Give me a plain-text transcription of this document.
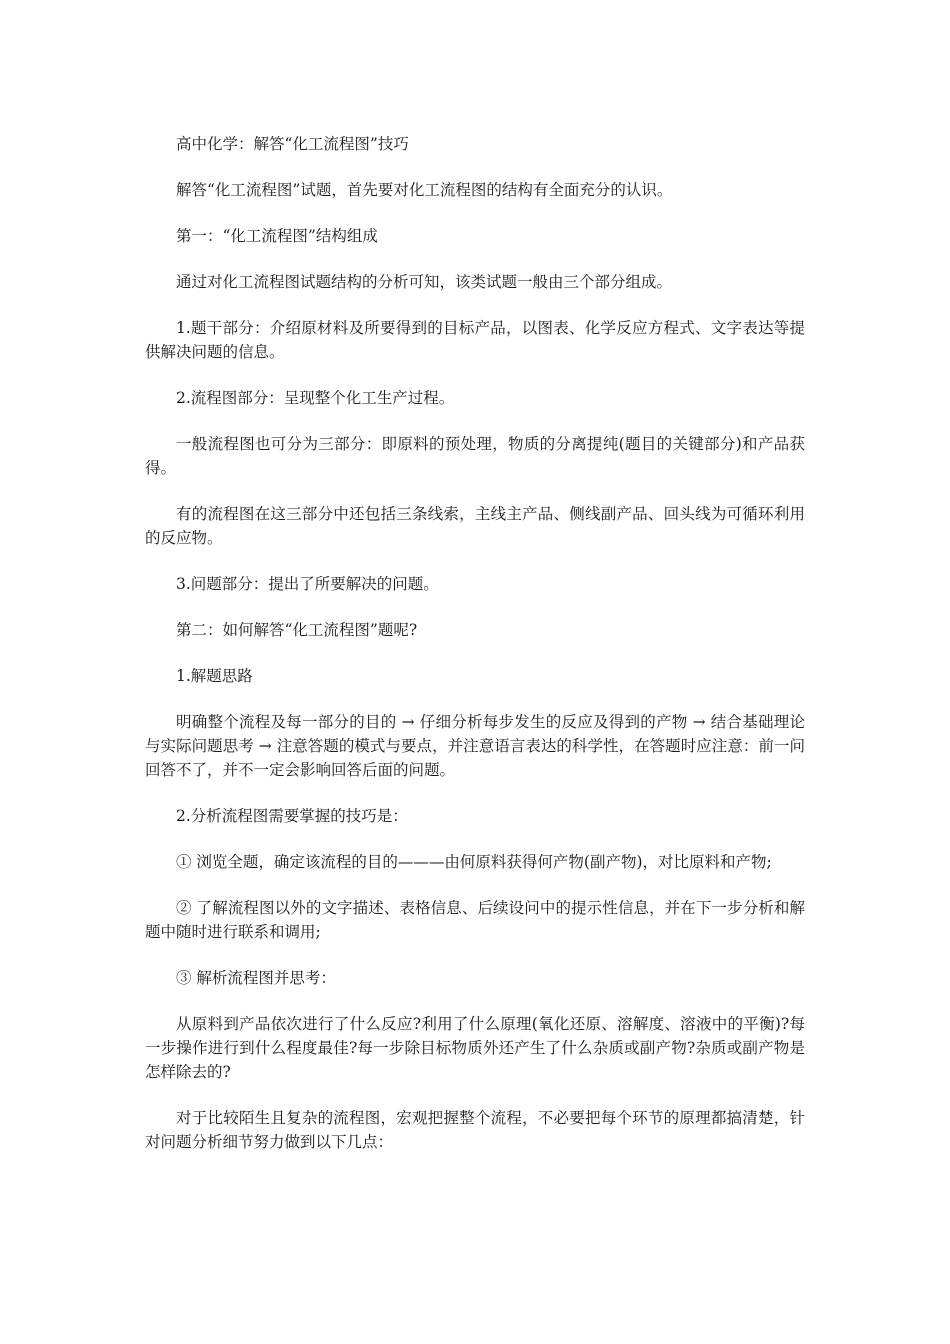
高中化学：解答“化工流程图”技巧

解答“化工流程图”试题，首先要对化工流程图的结构有全面充分的认识。

第一：“化工流程图”结构组成

通过对化工流程图试题结构的分析可知，该类试题一般由三个部分组成。

1.题干部分：介绍原材料及所要得到的目标产品，以图表、化学反应方程式、文字表达等提供解决问题的信息。

2.流程图部分：呈现整个化工生产过程。

一般流程图也可分为三部分：即原料的预处理，物质的分离提纯(题目的关键部分)和产品获得。

有的流程图在这三部分中还包括三条线索，主线主产品、侧线副产品、回头线为可循环利用的反应物。

3.问题部分：提出了所要解决的问题。

第二：如何解答“化工流程图”题呢?

1.解题思路

明确整个流程及每一部分的目的 → 仔细分析每步发生的反应及得到的产物 → 结合基础理论与实际问题思考 → 注意答题的模式与要点，并注意语言表达的科学性，在答题时应注意：前一问回答不了，并不一定会影响回答后面的问题。

2.分析流程图需要掌握的技巧是：

① 浏览全题，确定该流程的目的———由何原料获得何产物(副产物)，对比原料和产物;

② 了解流程图以外的文字描述、表格信息、后续设问中的提示性信息，并在下一步分析和解题中随时进行联系和调用;

③ 解析流程图并思考：

从原料到产品依次进行了什么反应?利用了什么原理(氧化还原、溶解度、溶液中的平衡)?每一步操作进行到什么程度最佳?每一步除目标物质外还产生了什么杂质或副产物?杂质或副产物是怎样除去的?

对于比较陌生且复杂的流程图，宏观把握整个流程，不必要把每个环节的原理都搞清楚，针对问题分析细节努力做到以下几点：
